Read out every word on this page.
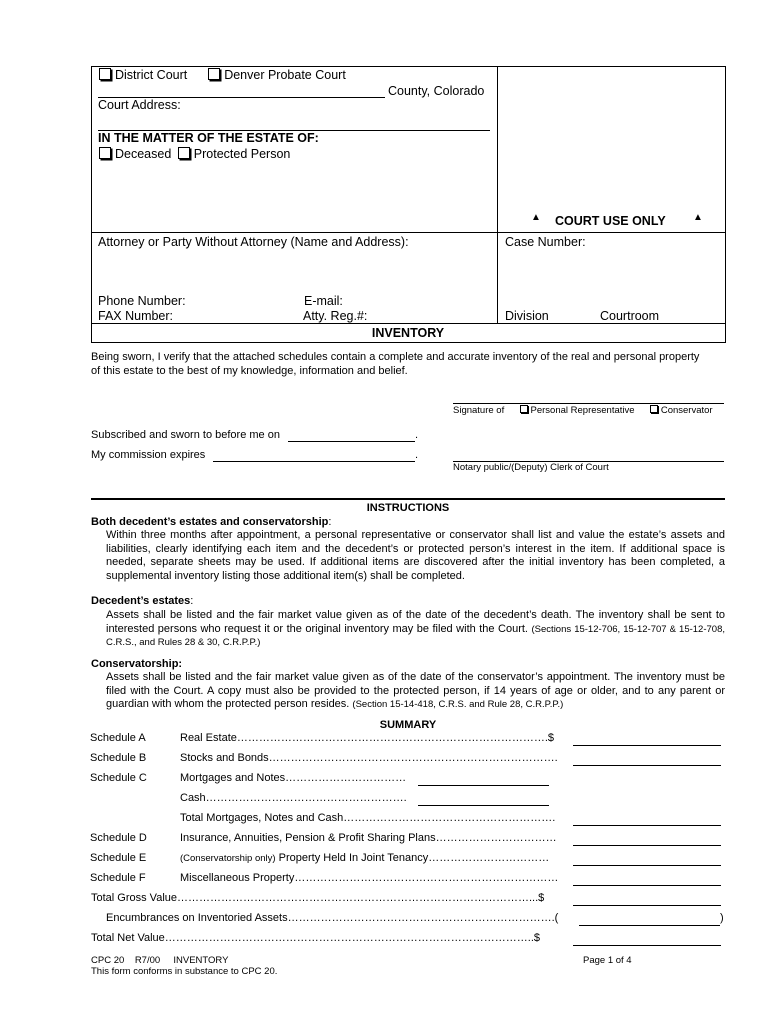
District Court	Denver Probate Court
County, Colorado
Court Address:
IN THE MATTER OF THE ESTATE OF:
Deceased Protected Person
▲ COURT USE ONLY	▲
Attorney or Party Without Attorney (Name and Address):	Case Number:
Phone Number:	E-mail:
FAX Number:	Atty. Reg.#:	Division	Courtroom
INVENTORY
Being sworn, I verify that the attached schedules contain a complete and accurate inventory of the real and personal property
of this estate to the best of my knowledge, information and belief.
Signature of	Personal Representative	Conservator
Subscribed and sworn to before me on	.
My commission expires	.
Notary public/(Deputy) Clerk of Court
INSTRUCTIONS
Both decedent’s estates and conservatorship:
Within three months after appointment, a personal representative or conservator shall list and value the estate’s assets and liabilities, clearly identifying each item and the decedent’s or protected person’s interest in the item. If additional space is needed, separate sheets may be used. If additional items are discovered after the initial inventory has been completed, a supplemental inventory listing those additional item(s) shall be completed.
Decedent’s estates:
Assets shall be listed and the fair market value given as of the date of the decedent’s death. The inventory shall be sent to interested persons who request it or the original inventory may be filed with the Court. (Sections 15-12-706, 15-12-707 & 15-12-708, C.R.S., and Rules 28 & 30, C.R.P.P.)
Conservatorship:
Assets shall be listed and the fair market value given as of the date of the conservator’s appointment. The inventory must be filed with the Court. A copy must also be provided to the protected person, if 14 years of age or older, and to any parent or guardian with whom the protected person resides. (Section 15-14-418, C.R.S. and Rule 28, C.R.P.P.)
SUMMARY
Schedule A	Real Estate………………………………………………………………………….$
Schedule B	Stocks and Bonds…………………………………………………………………….
Schedule C	Mortgages and Notes……………………………
Cash……………………………………………….
Total Mortgages, Notes and Cash………………………………………………….
Schedule D	Insurance, Annuities, Pension & Profit Sharing Plans……………………………
Schedule E	(Conservatorship only) Property Held In Joint Tenancy……………………………
Schedule F	Miscellaneous Property………………………………………………………………
Total Gross Value……………………………………………………………………………………...$
Encumbrances on Inventoried Assets……………………………………………………………….(	)
Total Net Value………………………………………………………………………………………..$
CPC 20    R7/00     INVENTORY
This form conforms in substance to CPC 20.
Page 1 of 4
